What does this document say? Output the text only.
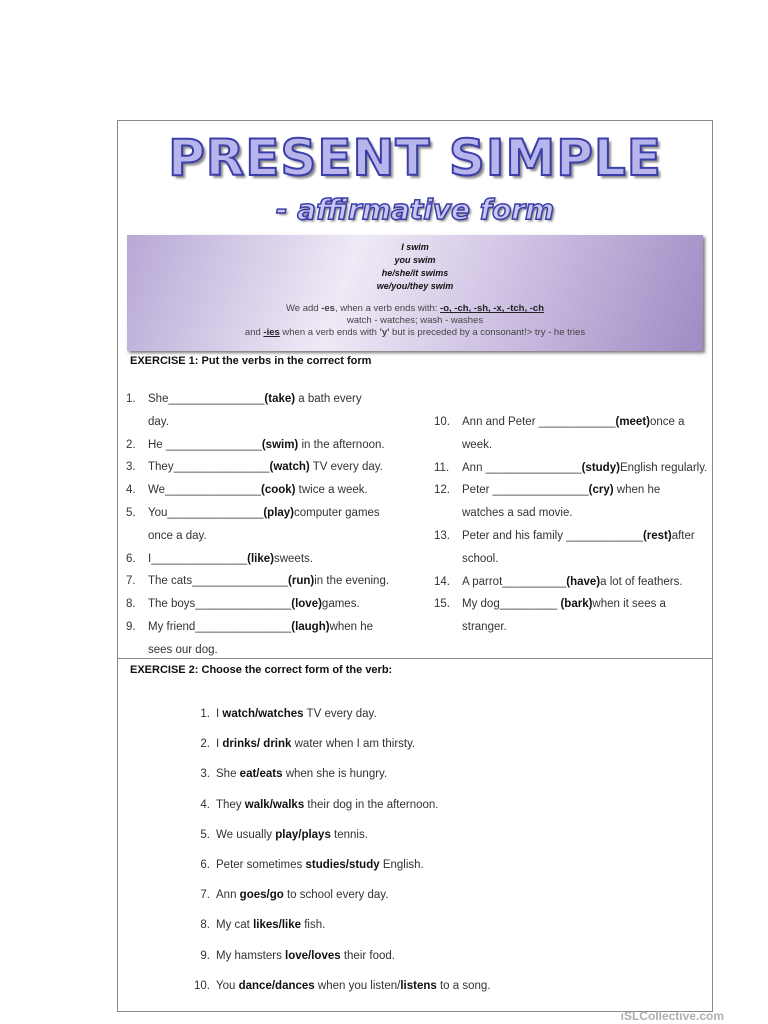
PRESENT SIMPLE
- affirmative form
I swim
you swim
he/she/it swims
we/you/they swim
We add -es, when a verb ends with: -o, -ch, -sh, -x, -tch, -ch
watch - watches; wash - washes
and -ies when a verb ends with 'y' but is preceded by a consonant!> try - he tries
EXERCISE 1: Put the verbs in the correct form
1.	She_______________(take) a bath every
day.
2.	He _______________(swim) in the afternoon.
3.	They_______________(watch) TV every day.
4.	We_______________(cook) twice a week.
5.	You_______________(play)computer games
once a day.
6.	I_______________(like)sweets.
7.	The cats_______________(run)in the evening.
8.	The boys_______________(love)games.
9.	My friend_______________(laugh)when he
sees our dog.
10.	Ann and Peter ____________(meet)once a
week.
11.	Ann _______________(study)English regularly.
12.	Peter _______________(cry) when he
watches a sad movie.
13.	Peter and his family ____________(rest)after
school.
14.	A parrot__________(have)a lot of feathers.
15.	My dog_________ (bark)when it sees a
stranger.
EXERCISE 2: Choose the correct form of the verb:
1. I watch/watches TV every day.
2. I drinks/ drink water when I am thirsty.
3. She eat/eats when she is hungry.
4. They walk/walks their dog in the afternoon.
5. We usually play/plays tennis.
6. Peter sometimes studies/study English.
7. Ann goes/go to school every day.
8. My cat likes/like fish.
9. My hamsters love/loves their food.
10. You dance/dances when you listen/listens to a song.
iSLCollective.com
